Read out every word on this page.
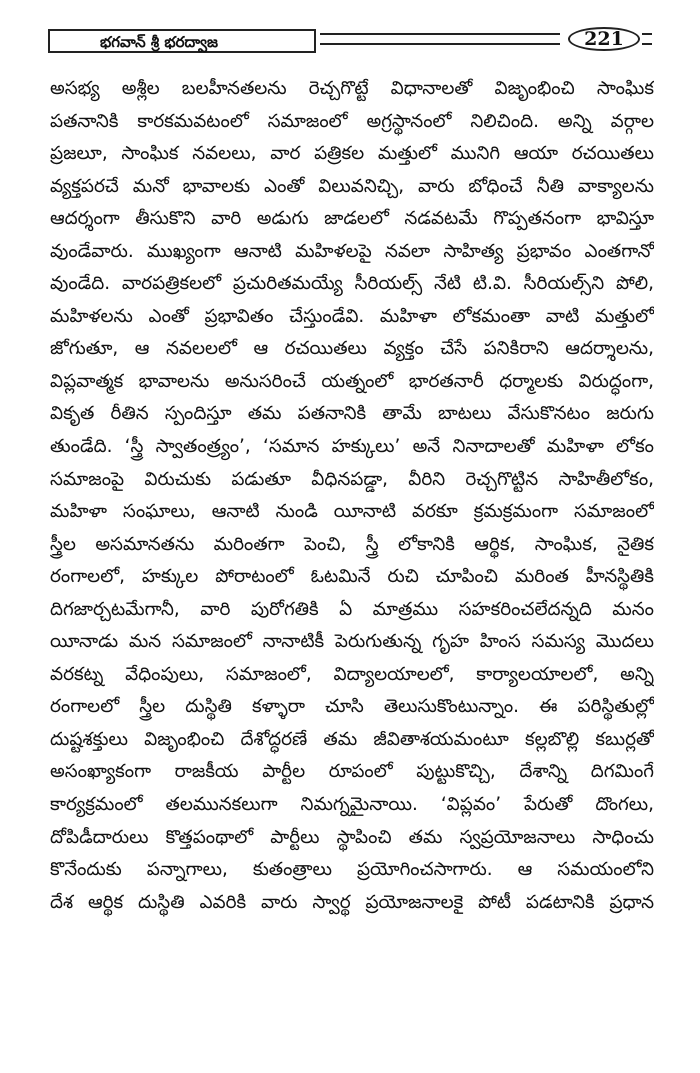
భగవాన్ శ్రీ భరద్వాజ	221
అసభ్య అశ్లీల బలహీనతలను రెచ్చగొట్టే విధానాలతో విజృంభించి సాంఘిక
పతనానికి కారకమవటంలో సమాజంలో అగ్రస్థానంలో నిలిచింది. అన్ని వర్గాల
ప్రజలూ, సాంఘిక నవలలు, వార పత్రికల మత్తులో మునిగి ఆయా రచయితలు
వ్యక్తపరచే మనో భావాలకు ఎంతో విలువనిచ్చి, వారు బోధించే నీతి వాక్యాలను
ఆదర్శంగా తీసుకొని వారి అడుగు జాడలలో నడవటమే గొప్పతనంగా భావిస్తూ
వుండేవారు. ముఖ్యంగా ఆనాటి మహిళలపై నవలా సాహిత్య ప్రభావం ఎంతగానో
వుండేది. వారపత్రికలలో ప్రచురితమయ్యే సీరియల్స్ నేటి టి.వి. సీరియల్స్‌ని పోలి,
మహిళలను ఎంతో ప్రభావితం చేస్తుండేవి. మహిళా లోకమంతా వాటి మత్తులో
జోగుతూ, ఆ నవలలలో ఆ రచయితలు వ్యక్తం చేసే పనికిరాని ఆదర్శాలను,
విప్లవాత్మక భావాలను అనుసరించే యత్నంలో భారతనారీ ధర్మాలకు విరుద్ధంగా,
వికృత రీతిన స్పందిస్తూ తమ పతనానికి తామే బాటలు వేసుకొనటం జరుగు
తుండేది. ‘స్త్రీ స్వాతంత్ర్యం’, ‘సమాన హక్కులు’ అనే నినాదాలతో మహిళా లోకం
సమాజంపై విరుచుకు పడుతూ వీధినపడ్డా, వీరిని రెచ్చగొట్టిన సాహితీలోకం,
మహిళా సంఘాలు, ఆనాటి నుండి యీనాటి వరకూ క్రమక్రమంగా సమాజంలో
స్త్రీల అసమానతను మరింతగా పెంచి, స్త్రీ లోకానికి ఆర్థిక, సాంఘిక, నైతిక
రంగాలలో, హక్కుల పోరాటంలో ఓటమినే రుచి చూపించి మరింత హీనస్థితికి
దిగజార్చటమేగానీ, వారి పురోగతికి ఏ మాత్రము సహకరించలేదన్నది మనం
యీనాడు మన సమాజంలో నానాటికీ పెరుగుతున్న గృహ హింస సమస్య మొదలు
వరకట్న వేధింపులు, సమాజంలో, విద్యాలయాలలో, కార్యాలయాలలో, అన్ని
రంగాలలో స్త్రీల దుస్థితి కళ్ళారా చూసి తెలుసుకొంటున్నాం. ఈ పరిస్థితుల్లో
దుష్టశక్తులు విజృంభించి దేశోద్ధరణే తమ జీవితాశయమంటూ కల్లబొల్లి కబుర్లతో
అసంఖ్యాకంగా రాజకీయ పార్టీల రూపంలో పుట్టుకొచ్చి, దేశాన్ని దిగమింగే
కార్యక్రమంలో తలమునకలుగా నిమగ్నమైనాయి. ‘విప్లవం’ పేరుతో దొంగలు,
దోపిడీదారులు కొత్తపంథాలో పార్టీలు స్థాపించి తమ స్వప్రయోజనాలు సాధించు
కొనేందుకు పన్నాగాలు, కుతంత్రాలు ప్రయోగించసాగారు. ఆ సమయంలోని
దేశ ఆర్థిక దుస్థితి ఎవరికి వారు స్వార్థ ప్రయోజనాలకై పోటీ పడటానికి ప్రధాన
